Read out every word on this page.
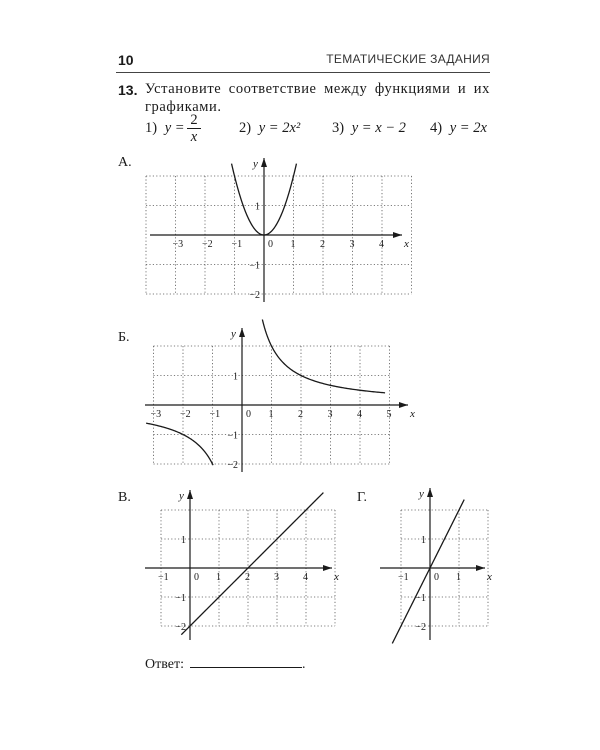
10	ТЕМАТИЧЕСКИЕ ЗАДАНИЯ
13. Установите соответствие между функциями и их графиками.
1) $y = \frac{2}{x}$	2) y = 2x² 3) y = x − 2 4) y = 2x
А.
Б.
В.	Г.
x
y
−3 −2 −1	0 1 2 3 4
1
−1
−2
x
y
−3 −2 −1	0 1 2 3 4 5
1
−1
−2
x
y
−1	0 1 2 3 4
1
−1
−2
x
y
−1	0 1
1
−1
−2
Ответ:	.
